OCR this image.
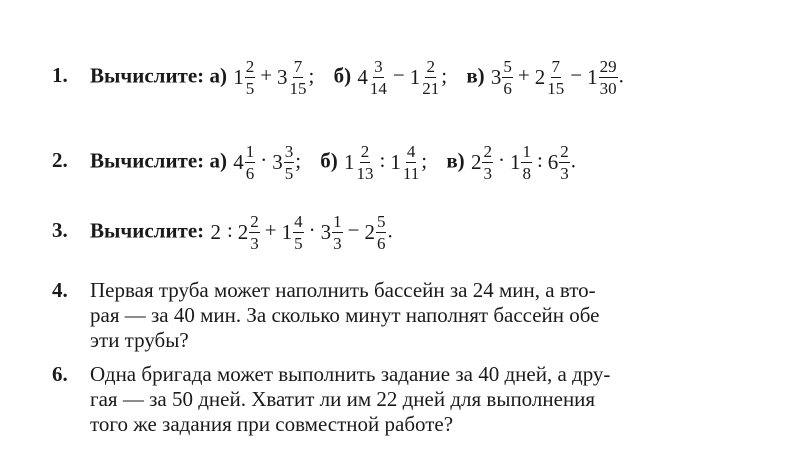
1. Вычислите: а) $1 \frac{2}{5} + 3 \frac{7}{15}$ ; б) $4 \frac{3}{14} - 1 \frac{2}{21}$ ; в) $3 \frac{5}{6} + 2 \frac{7}{15} - 1 \frac{29}{30}$ .
2. Вычислите: а) $4 \frac{1}{6} \cdot 3 \frac{3}{5}$ ; б) $1 \frac{2}{13}$ : $1 \frac{4}{11}$ ; в) $2 \frac{2}{3} \cdot 1 \frac{1}{8}$ : $6 \frac{2}{3}$ .
3. Вычислите: 2 : $2 \frac{2}{3} + 1 \frac{4}{5} \cdot 3 \frac{1}{3} - 2 \frac{5}{6}$ .
4. Первая труба может наполнить бассейн за 24 мин, а вто-
рая — за 40 мин. За сколько минут наполнят бассейн обе
эти трубы?
6. Одна бригада может выполнить задание за 40 дней, а дру-
гая — за 50 дней. Хватит ли им 22 дней для выполнения
того же задания при совместной работе?
